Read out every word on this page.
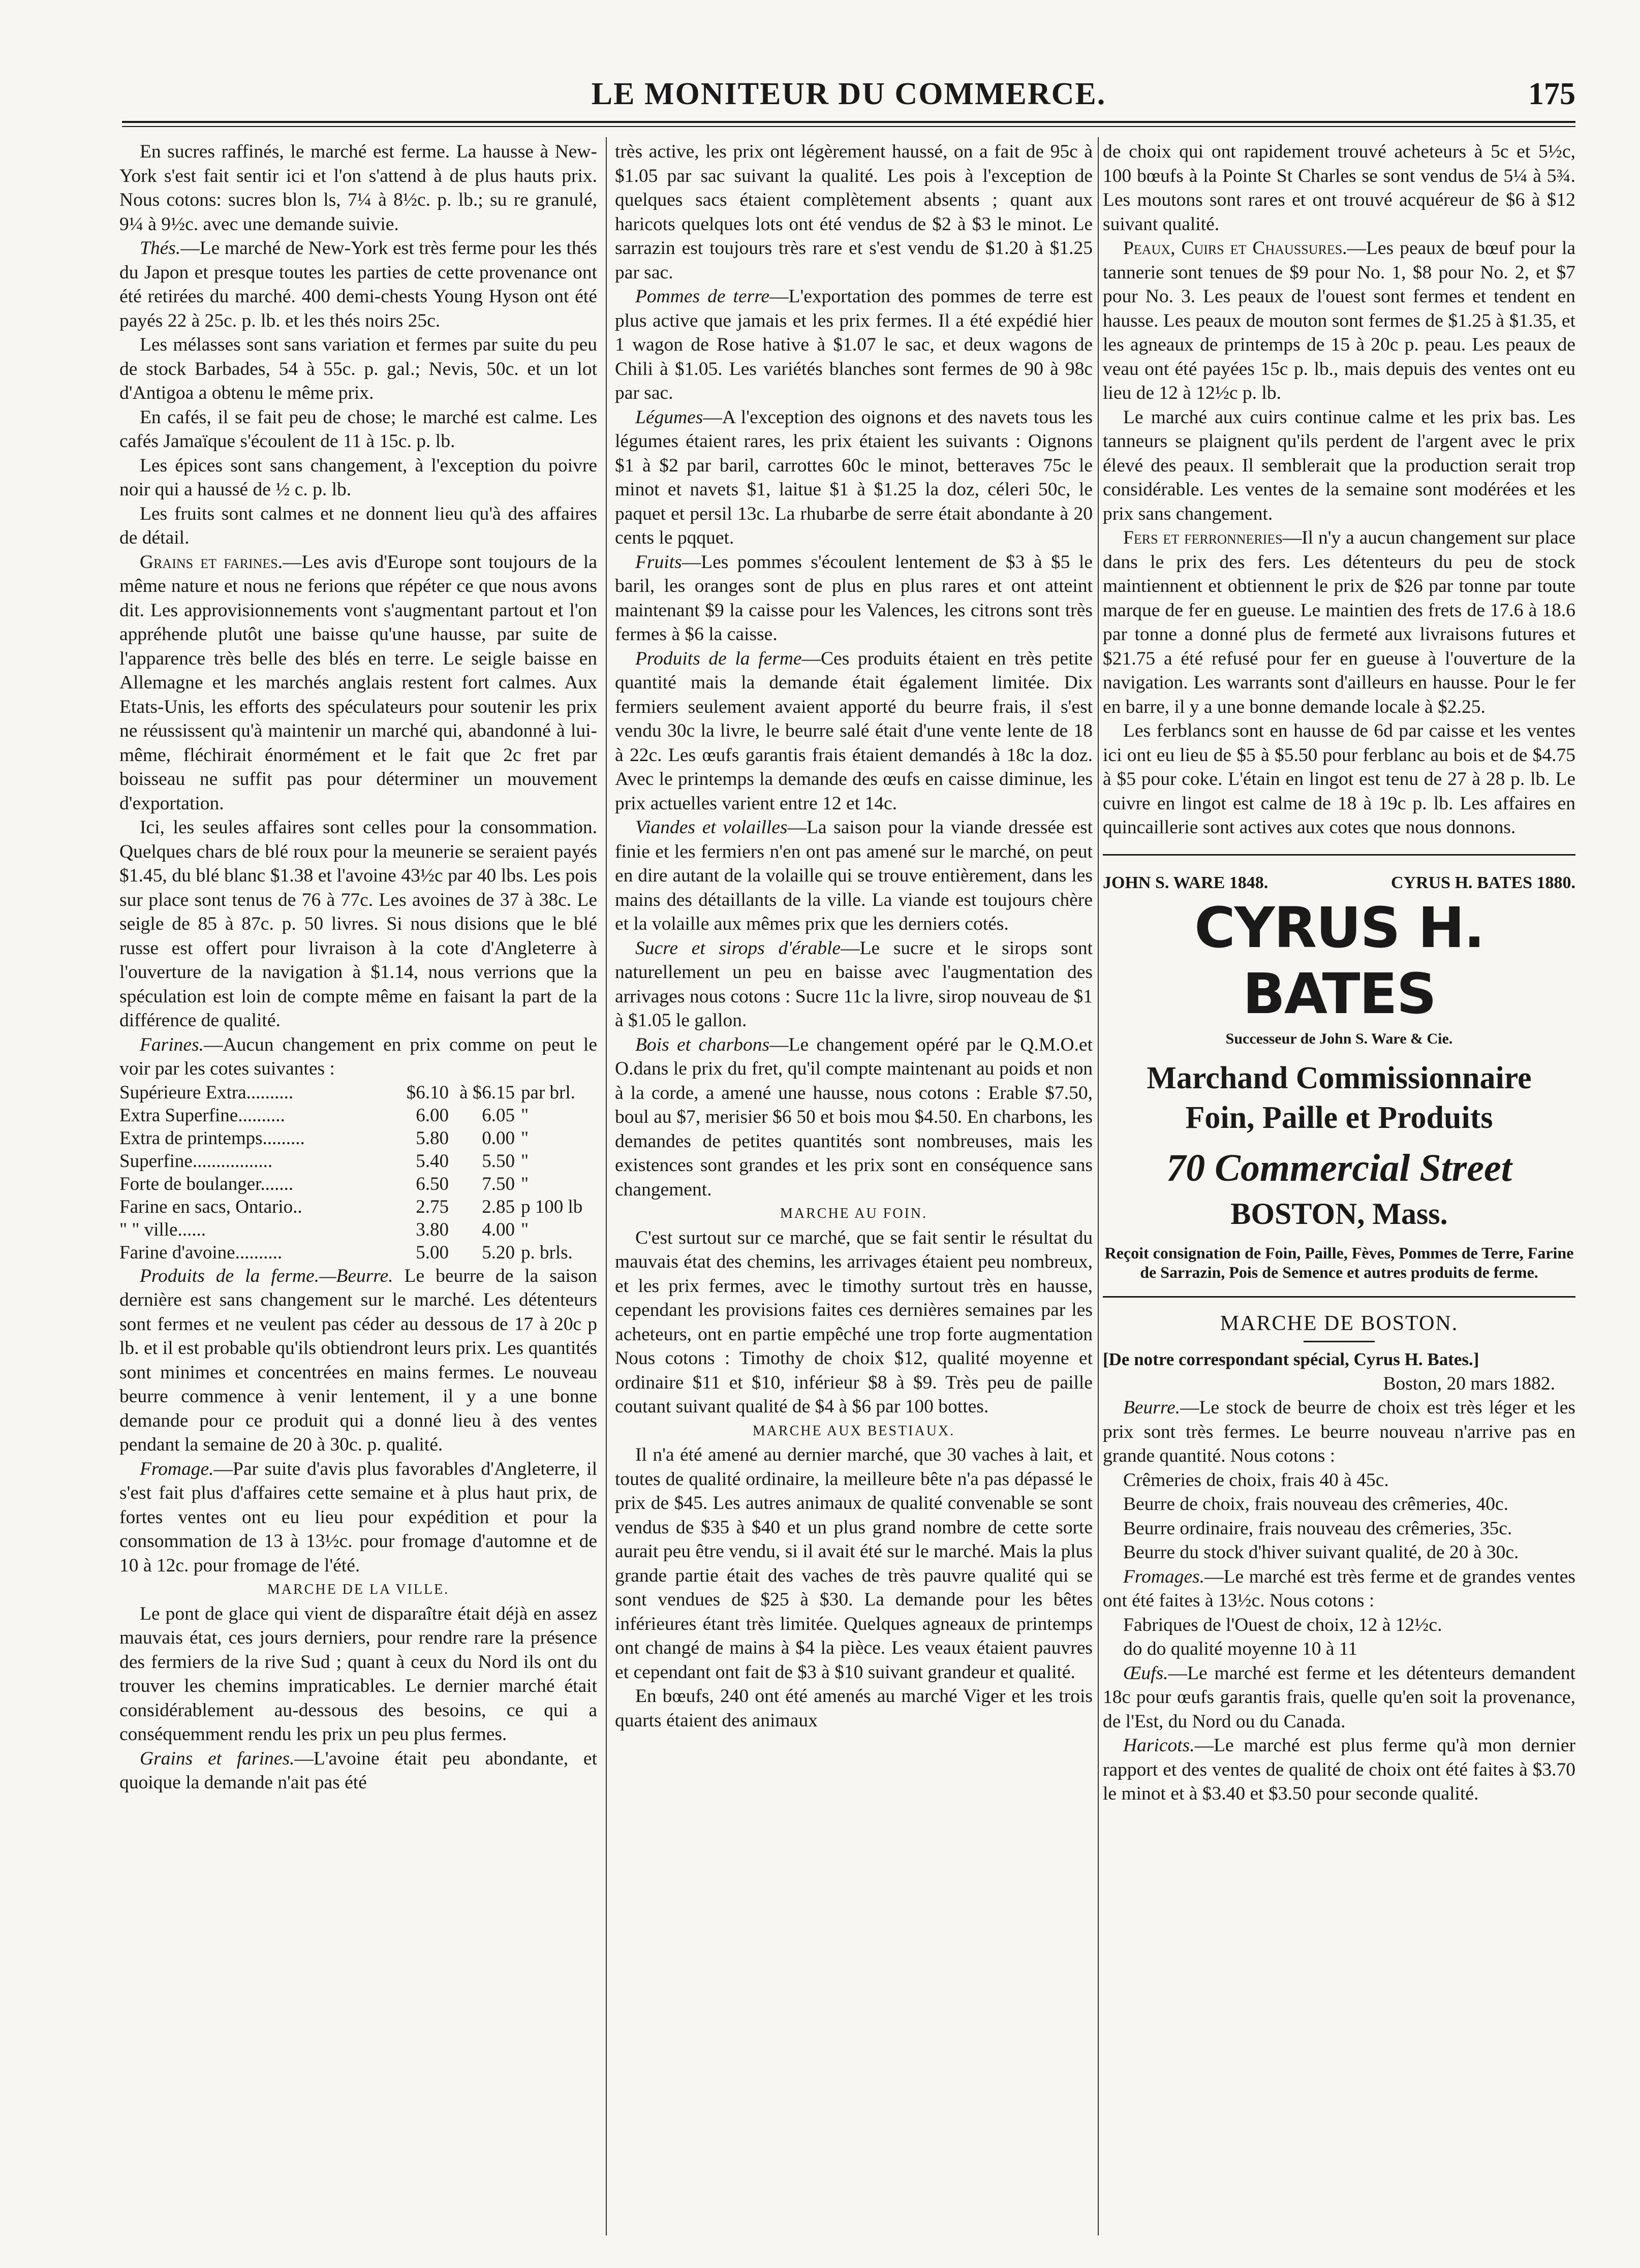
LE MONITEUR DU COMMERCE.	175

En sucres raffinés, le marché est ferme. La hausse à New-York s'est fait sentir ici et l'on s'attend à de plus hauts prix. Nous cotons: sucres blon ls, 7¼ à 8½c. p. lb.; su re granulé, 9¼ à 9½c. avec une demande suivie.

Thés.—Le marché de New-York est très ferme pour les thés du Japon et presque toutes les parties de cette provenance ont été retirées du marché. 400 demi-chests Young Hyson ont été payés 22 à 25c. p. lb. et les thés noirs 25c.

Les mélasses sont sans variation et fermes par suite du peu de stock Barbades, 54 à 55c. p. gal.; Nevis, 50c. et un lot d'Antigoa a obtenu le même prix.

En cafés, il se fait peu de chose; le marché est calme. Les cafés Jamaïque s'écoulent de 11 à 15c. p. lb.

Les épices sont sans changement, à l'exception du poivre noir qui a haussé de ½ c. p. lb.

Les fruits sont calmes et ne donnent lieu qu'à des affaires de détail.

Grains et farines.—Les avis d'Europe sont toujours de la même nature et nous ne ferions que répéter ce que nous avons dit. Les approvisionnements vont s'augmentant partout et l'on appréhende plutôt une baisse qu'une hausse, par suite de l'apparence très belle des blés en terre. Le seigle baisse en Allemagne et les marchés anglais restent fort calmes. Aux Etats-Unis, les efforts des spéculateurs pour soutenir les prix ne réussissent qu'à maintenir un marché qui, abandonné à lui-même, fléchirait énormément et le fait que 2c fret par boisseau ne suffit pas pour déterminer un mouvement d'exportation.

Ici, les seules affaires sont celles pour la consommation. Quelques chars de blé roux pour la meunerie se seraient payés $1.45, du blé blanc $1.38 et l'avoine 43½c par 40 lbs. Les pois sur place sont tenus de 76 à 77c. Les avoines de 37 à 38c. Le seigle de 85 à 87c. p. 50 livres. Si nous disions que le blé russe est offert pour livraison à la cote d'Angleterre à l'ouverture de la navigation à $1.14, nous verrions que la spéculation est loin de compte même en faisant la part de la différence de qualité.

Farines.—Aucun changement en prix comme on peut le voir par les cotes suivantes :

Supérieure Extra..........	$6.10	à $6.15	par brl.
Extra Superfine..........	6.00	6.05	"
Extra de printemps.........	5.80	0.00	"
Superfine.................	5.40	5.50	"
Forte de boulanger.......	6.50	7.50	"
Farine en sacs, Ontario..	2.75	2.85	p 100 lb
" " ville......	3.80	4.00	"
Farine d'avoine..........	5.00	5.20	p. brls.

Produits de la ferme.—Beurre. Le beurre de la saison dernière est sans changement sur le marché. Les détenteurs sont fermes et ne veulent pas céder au dessous de 17 à 20c p lb. et il est probable qu'ils obtiendront leurs prix. Les quantités sont minimes et concentrées en mains fermes. Le nouveau beurre commence à venir lentement, il y a une bonne demande pour ce produit qui a donné lieu à des ventes pendant la semaine de 20 à 30c. p. qualité.

Fromage.—Par suite d'avis plus favorables d'Angleterre, il s'est fait plus d'affaires cette semaine et à plus haut prix, de fortes ventes ont eu lieu pour expédition et pour la consommation de 13 à 13½c. pour fromage d'automne et de 10 à 12c. pour fromage de l'été.

MARCHE DE LA VILLE.

Le pont de glace qui vient de disparaître était déjà en assez mauvais état, ces jours derniers, pour rendre rare la présence des fermiers de la rive Sud ; quant à ceux du Nord ils ont du trouver les chemins impraticables. Le dernier marché était considérablement au-dessous des besoins, ce qui a conséquemment rendu les prix un peu plus fermes.

Grains et farines.—L'avoine était peu abondante, et quoique la demande n'ait pas été

très active, les prix ont légèrement haussé, on a fait de 95c à $1.05 par sac suivant la qualité. Les pois à l'exception de quelques sacs étaient complètement absents ; quant aux haricots quelques lots ont été vendus de $2 à $3 le minot. Le sarrazin est toujours très rare et s'est vendu de $1.20 à $1.25 par sac.

Pommes de terre—L'exportation des pommes de terre est plus active que jamais et les prix fermes. Il a été expédié hier 1 wagon de Rose hative à $1.07 le sac, et deux wagons de Chili à $1.05. Les variétés blanches sont fermes de 90 à 98c par sac.

Légumes—A l'exception des oignons et des navets tous les légumes étaient rares, les prix étaient les suivants : Oignons $1 à $2 par baril, carrottes 60c le minot, betteraves 75c le minot et navets $1, laitue $1 à $1.25 la doz, céleri 50c, le paquet et persil 13c. La rhubarbe de serre était abondante à 20 cents le pqquet.

Fruits—Les pommes s'écoulent lentement de $3 à $5 le baril, les oranges sont de plus en plus rares et ont atteint maintenant $9 la caisse pour les Valences, les citrons sont très fermes à $6 la caisse.

Produits de la ferme—Ces produits étaient en très petite quantité mais la demande était également limitée. Dix fermiers seulement avaient apporté du beurre frais, il s'est vendu 30c la livre, le beurre salé était d'une vente lente de 18 à 22c. Les œufs garantis frais étaient demandés à 18c la doz. Avec le printemps la demande des œufs en caisse diminue, les prix actuelles varient entre 12 et 14c.

Viandes et volailles—La saison pour la viande dressée est finie et les fermiers n'en ont pas amené sur le marché, on peut en dire autant de la volaille qui se trouve entièrement, dans les mains des détaillants de la ville. La viande est toujours chère et la volaille aux mêmes prix que les derniers cotés.

Sucre et sirops d'érable—Le sucre et le sirops sont naturellement un peu en baisse avec l'augmentation des arrivages nous cotons : Sucre 11c la livre, sirop nouveau de $1 à $1.05 le gallon.

Bois et charbons—Le changement opéré par le Q.M.O.et O.dans le prix du fret, qu'il compte maintenant au poids et non à la corde, a amené une hausse, nous cotons : Erable $7.50, boul au $7, merisier $6 50 et bois mou $4.50. En charbons, les demandes de petites quantités sont nombreuses, mais les existences sont grandes et les prix sont en conséquence sans changement.

MARCHE AU FOIN.

C'est surtout sur ce marché, que se fait sentir le résultat du mauvais état des chemins, les arrivages étaient peu nombreux, et les prix fermes, avec le timothy surtout très en hausse, cependant les provisions faites ces dernières semaines par les acheteurs, ont en partie empêché une trop forte augmentation Nous cotons : Timothy de choix $12, qualité moyenne et ordinaire $11 et $10, inférieur $8 à $9. Très peu de paille coutant suivant qualité de $4 à $6 par 100 bottes.

MARCHE AUX BESTIAUX.

Il n'a été amené au dernier marché, que 30 vaches à lait, et toutes de qualité ordinaire, la meilleure bête n'a pas dépassé le prix de $45. Les autres animaux de qualité convenable se sont vendus de $35 à $40 et un plus grand nombre de cette sorte aurait peu être vendu, si il avait été sur le marché. Mais la plus grande partie était des vaches de très pauvre qualité qui se sont vendues de $25 à $30. La demande pour les bêtes inférieures étant très limitée. Quelques agneaux de printemps ont changé de mains à $4 la pièce. Les veaux étaient pauvres et cependant ont fait de $3 à $10 suivant grandeur et qualité.

En bœufs, 240 ont été amenés au marché Viger et les trois quarts étaient des animaux

de choix qui ont rapidement trouvé acheteurs à 5c et 5½c, 100 bœufs à la Pointe St Charles se sont vendus de 5¼ à 5¾. Les moutons sont rares et ont trouvé acquéreur de $6 à $12 suivant qualité.

Peaux, Cuirs et Chaussures.—Les peaux de bœuf pour la tannerie sont tenues de $9 pour No. 1, $8 pour No. 2, et $7 pour No. 3. Les peaux de l'ouest sont fermes et tendent en hausse. Les peaux de mouton sont fermes de $1.25 à $1.35, et les agneaux de printemps de 15 à 20c p. peau. Les peaux de veau ont été payées 15c p. lb., mais depuis des ventes ont eu lieu de 12 à 12½c p. lb.

Le marché aux cuirs continue calme et les prix bas. Les tanneurs se plaignent qu'ils perdent de l'argent avec le prix élevé des peaux. Il semblerait que la production serait trop considérable. Les ventes de la semaine sont modérées et les prix sans changement.

Fers et ferronneries—Il n'y a aucun changement sur place dans le prix des fers. Les détenteurs du peu de stock maintiennent et obtiennent le prix de $26 par tonne par toute marque de fer en gueuse. Le maintien des frets de 17.6 à 18.6 par tonne a donné plus de fermeté aux livraisons futures et $21.75 a été refusé pour fer en gueuse à l'ouverture de la navigation. Les warrants sont d'ailleurs en hausse. Pour le fer en barre, il y a une bonne demande locale à $2.25.

Les ferblancs sont en hausse de 6d par caisse et les ventes ici ont eu lieu de $5 à $5.50 pour ferblanc au bois et de $4.75 à $5 pour coke. L'étain en lingot est tenu de 27 à 28 p. lb. Le cuivre en lingot est calme de 18 à 19c p. lb. Les affaires en quincaillerie sont actives aux cotes que nous donnons.

JOHN S. WARE 1848.	CYRUS H. BATES 1880.
CYRUS H. BATES
Successeur de John S. Ware & Cie.
Marchand Commissionnaire
Foin, Paille et Produits
70 Commercial Street
BOSTON, Mass.
Reçoit consignation de Foin, Paille, Fèves, Pommes de Terre, Farine de Sarrazin, Pois de Semence et autres produits de ferme.
MARCHE DE BOSTON.

[De notre correspondant spécial, Cyrus H. Bates.]

Boston, 20 mars 1882.

Beurre.—Le stock de beurre de choix est très léger et les prix sont très fermes. Le beurre nouveau n'arrive pas en grande quantité. Nous cotons :

Crêmeries de choix, frais 40 à 45c.

Beurre de choix, frais nouveau des crêmeries, 40c.

Beurre ordinaire, frais nouveau des crêmeries, 35c.

Beurre du stock d'hiver suivant qualité, de 20 à 30c.

Fromages.—Le marché est très ferme et de grandes ventes ont été faites à 13½c. Nous cotons :

Fabriques de l'Ouest de choix, 12 à 12½c.

do do qualité moyenne 10 à 11

Œufs.—Le marché est ferme et les détenteurs demandent 18c pour œufs garantis frais, quelle qu'en soit la provenance, de l'Est, du Nord ou du Canada.

Haricots.—Le marché est plus ferme qu'à mon dernier rapport et des ventes de qualité de choix ont été faites à $3.70 le minot et à $3.40 et $3.50 pour seconde qualité.
